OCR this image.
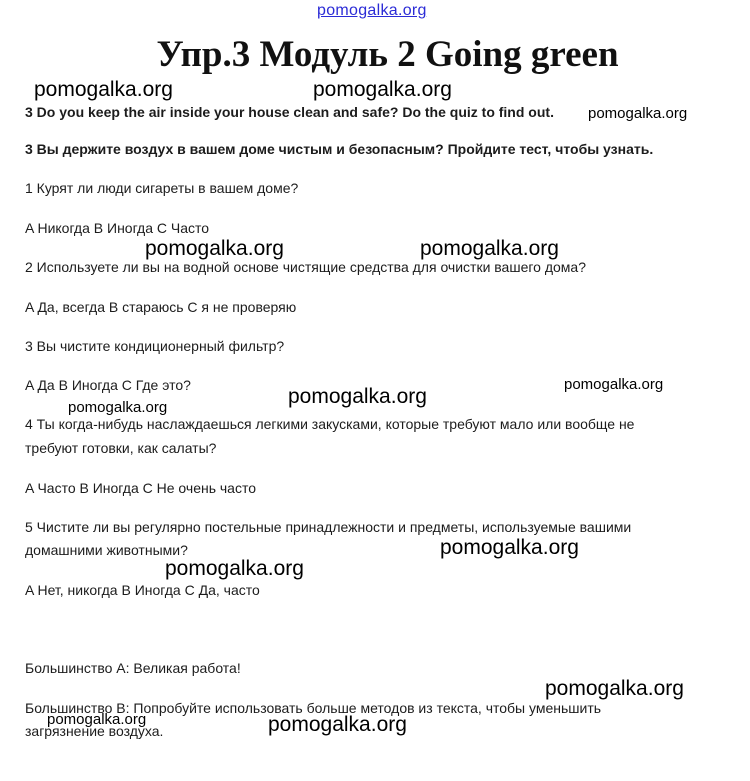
pomogalka.org
Упр.3 Модуль 2 Going green
3 Do you keep the air inside your house clean and safe? Do the quiz to find out.
3 Вы держите воздух в вашем доме чистым и безопасным? Пройдите тест, чтобы узнать.
1 Курят ли люди сигареты в вашем доме?
A Никогда B Иногда C Часто
2 Используете ли вы на водной основе чистящие средства для очистки вашего дома?
A Да, всегда B стараюсь C я не проверяю
3 Вы чистите кондиционерный фильтр?
A Да B Иногда C Где это?
4 Ты когда-нибудь наслаждаешься легкими закусками, которые требуют мало или вообще не
требуют готовки, как салаты?
A Часто B Иногда C Не очень часто
5 Чистите ли вы регулярно постельные принадлежности и предметы, используемые вашими
домашними животными?
A Нет, никогда B Иногда C Да, часто
Большинство A: Великая работа!
Большинство B: Попробуйте использовать больше методов из текста, чтобы уменьшить
загрязнение воздуха.
pomogalka.org	pomogalka.org
pomogalka.org
pomogalka.org	pomogalka.org
pomogalka.org
pomogalka.org
pomogalka.org
pomogalka.org
pomogalka.org
pomogalka.org
pomogalka.org	pomogalka.org
